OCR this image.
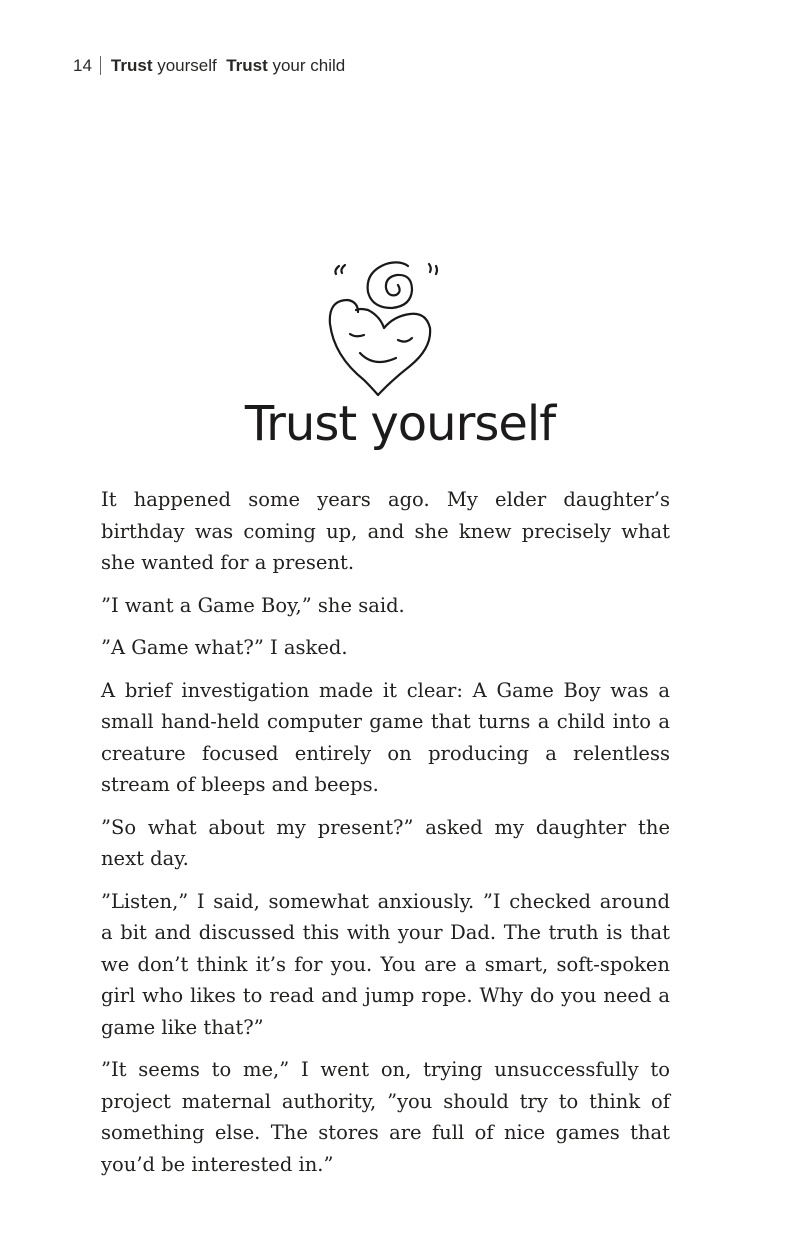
14 Trust yourself  Trust your child
Trust yourself

It happened some years ago. My elder daughter’s birthday was coming up, and she knew precisely what she wanted for a present.

”I want a Game Boy,” she said.

”A Game what?” I asked.

A brief investigation made it clear: A Game Boy was a small hand-held computer game that turns a child into a creature focused entirely on producing a relentless stream of bleeps and beeps.

”So what about my present?” asked my daughter the next day.

”Listen,” I said, somewhat anxiously. ”I checked around a bit and discussed this with your Dad. The truth is that we don’t think it’s for you. You are a smart, soft-spoken girl who likes to read and jump rope. Why do you need a game like that?”

”It seems to me,” I went on, trying unsuccessfully to project maternal authority, ”you should try to think of something else. The stores are full of nice games that you’d be interested in.”
